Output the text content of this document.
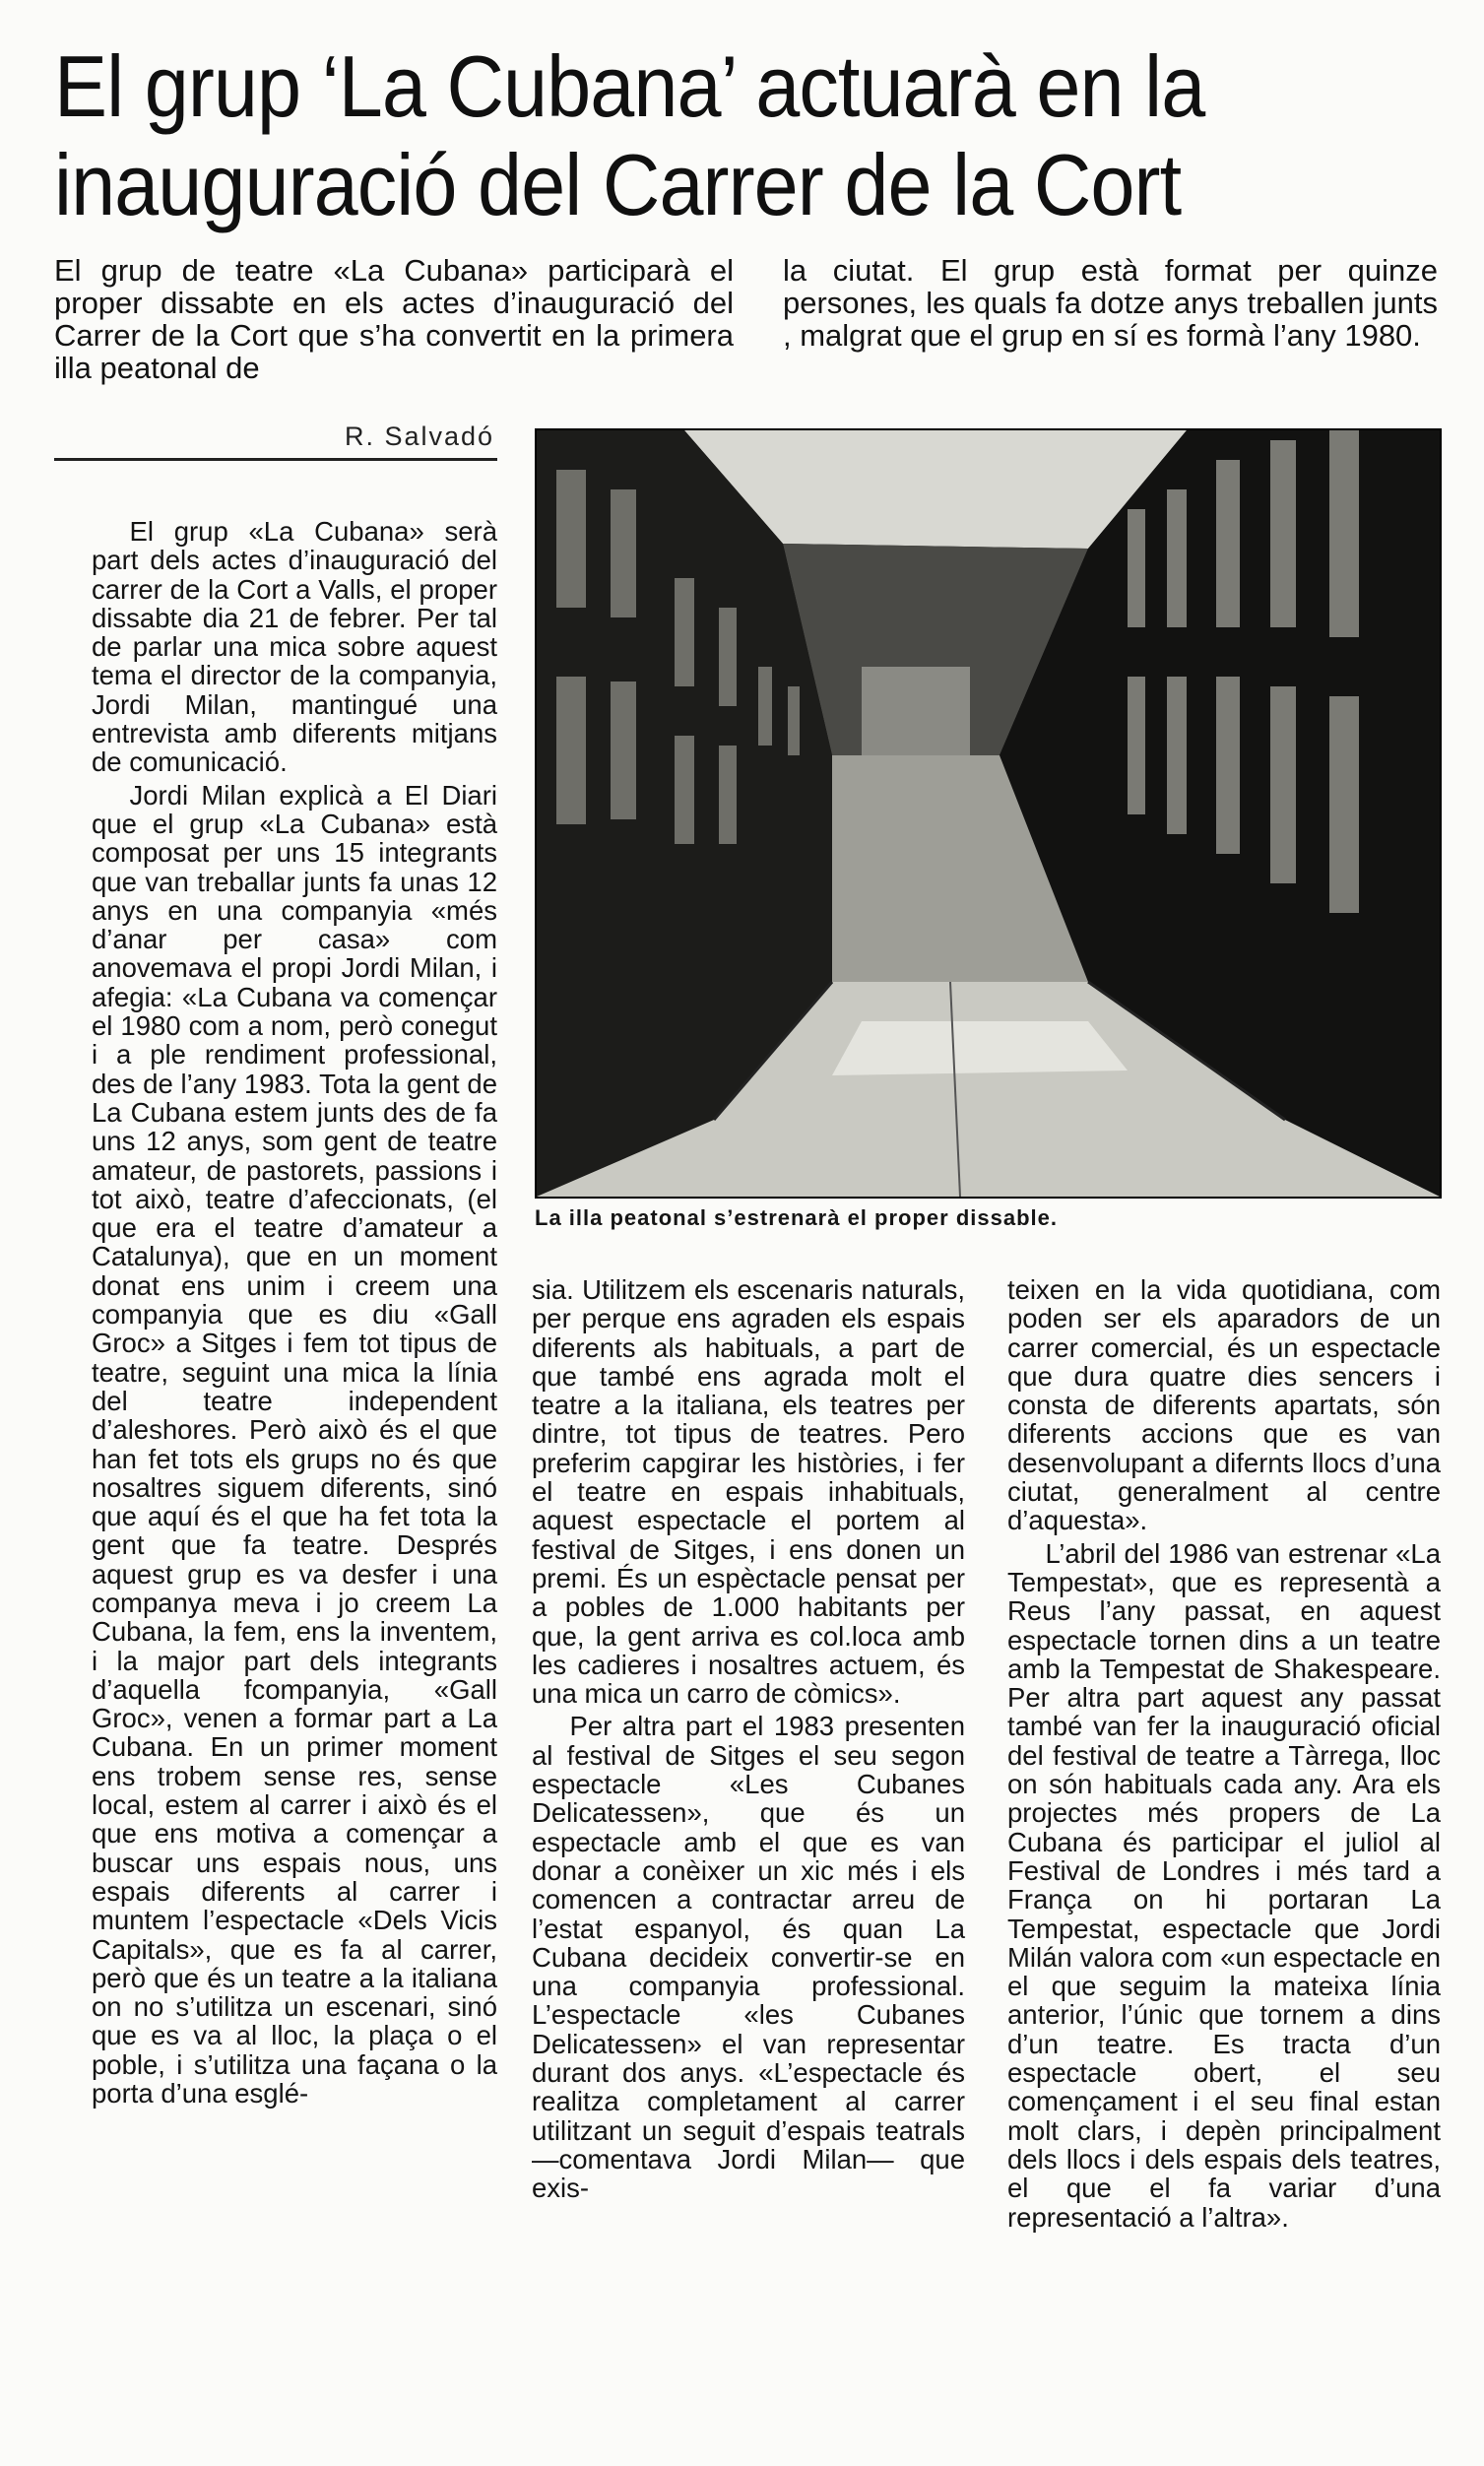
El grup ‘La Cubana’ actuarà en la inauguració del Carrer de la Cort
El grup de teatre «La Cubana» participarà el proper dissabte en els actes d’inauguració del Carrer de la Cort que s’ha convertit en la primera illa peatonal de
la ciutat. El grup està format per quinze persones, les quals fa dotze anys treballen junts , malgrat que el grup en sí es formà l’any 1980.
R. Salvadó
La illa peatonal s’estrenarà el proper dissable.

El grup «La Cubana» serà part dels actes d’inauguració del carrer de la Cort a Valls, el proper dissabte dia 21 de febrer. Per tal de parlar una mica sobre aquest tema el director de la companyia, Jordi Milan, mantingué una entrevista amb diferents mitjans de comunicació.

Jordi Milan explicà a El Diari que el grup «La Cubana» està composat per uns 15 integrants que van treballar junts fa unas 12 anys en una companyia «més d’anar per casa» com anovemava el propi Jordi Milan, i afegia: «La Cubana va començar el 1980 com a nom, però conegut i a ple rendiment professional, des de l’any 1983. Tota la gent de La Cubana estem junts des de fa uns 12 anys, som gent de teatre amateur, de pastorets, passions i tot això, teatre d’afeccionats, (el que era el teatre d’amateur a Catalunya), que en un moment donat ens unim i creem una companyia que es diu «Gall Groc» a Sitges i fem tot tipus de teatre, seguint una mica la línia del teatre independent d’aleshores. Però això és el que han fet tots els grups no és que nosaltres siguem diferents, sinó que aquí és el que ha fet tota la gent que fa teatre. Després aquest grup es va desfer i una companya meva i jo creem La Cubana, la fem, ens la inventem, i la major part dels integrants d’aquella fcompanyia, «Gall Groc», venen a formar part a La Cubana. En un primer moment ens trobem sense res, sense local, estem al carrer i això és el que ens motiva a començar a buscar uns espais nous, uns espais diferents al carrer i muntem l’espectacle «Dels Vicis Capitals», que es fa al carrer, però que és un teatre a la italiana on no s’utilitza un escenari, sinó que es va al lloc, la plaça o el poble, i s’utilitza una façana o la porta d’una esglé-

sia. Utilitzem els escenaris naturals, per perque ens agraden els espais diferents als habituals, a part de que també ens agrada molt el teatre a la italiana, els teatres per dintre, tot tipus de teatres. Pero preferim capgirar les històries, i fer el teatre en espais inhabituals, aquest espectacle el portem al festival de Sitges, i ens donen un premi. És un espèctacle pensat per a pobles de 1.000 habitants per que, la gent arriva es col.loca amb les cadieres i nosaltres actuem, és una mica un carro de còmics».

Per altra part el 1983 presenten al festival de Sitges el seu segon espectacle «Les Cubanes Delicatessen», que és un espectacle amb el que es van donar a conèixer un xic més i els comencen a contractar arreu de l’estat espanyol, és quan La Cubana decideix convertir-se en una companyia professional. L’espectacle «les Cubanes Delicatessen» el van representar durant dos anys. «L’espectacle és realitza completament al carrer utilitzant un seguit d’espais teatrals —comentava Jordi Milan— que exis-

teixen en la vida quotidiana, com poden ser els aparadors de un carrer comercial, és un espectacle que dura quatre dies sencers i consta de diferents apartats, són diferents accions que es van desenvolupant a difernts llocs d’una ciutat, generalment al centre d’aquesta».

L’abril del 1986 van estrenar «La Tempestat», que es representà a Reus l’any passat, en aquest espectacle tornen dins a un teatre amb la Tempestat de Shakespeare. Per altra part aquest any passat també van fer la inauguració oficial del festival de teatre a Tàrrega, lloc on són habituals cada any. Ara els projectes més propers de La Cubana és participar el juliol al Festival de Londres i més tard a França on hi portaran La Tempestat, espectacle que Jordi Milán valora com «un espectacle en el que seguim la mateixa línia anterior, l’únic que tornem a dins d’un teatre. Es tracta d’un espectacle obert, el seu començament i el seu final estan molt clars, i depèn principalment dels llocs i dels espais dels teatres, el que el fa variar d’una representació a l’altra».
